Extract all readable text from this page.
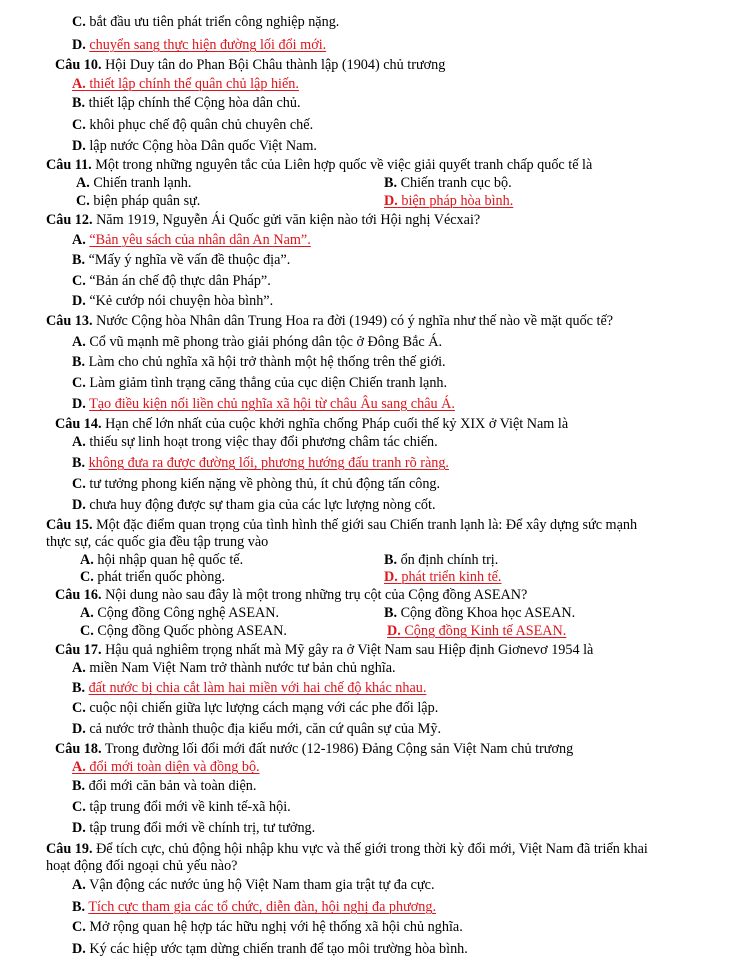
C. bắt đầu ưu tiên phát triển công nghiệp nặng.
D. chuyển sang thực hiện đường lối đổi mới.
Câu 10. Hội Duy tân do Phan Bội Châu thành lập (1904) chủ trương
A. thiết lập chính thể quân chủ lập hiến.
B. thiết lập chính thể Cộng hòa dân chủ.
C. khôi phục chế độ quân chủ chuyên chế.
D. lập nước Cộng hòa Dân quốc Việt Nam.
Câu 11. Một trong những nguyên tắc của Liên hợp quốc về việc giải quyết tranh chấp quốc tế là
A. Chiến tranh lạnh.	B. Chiến tranh cục bộ.
C. biện pháp quân sự.	D. biện pháp hòa bình.
Câu 12. Năm 1919, Nguyễn Ái Quốc gửi văn kiện nào tới Hội nghị Vécxai?
A. “Bản yêu sách của nhân dân An Nam”.
B. “Mấy ý nghĩa về vấn đề thuộc địa”.
C. “Bản án chế độ thực dân Pháp”.
D. “Kẻ cướp nói chuyện hòa bình”.
Câu 13. Nước Cộng hòa Nhân dân Trung Hoa ra đời (1949) có ý nghĩa như thế nào về mặt quốc tế?
A. Cổ vũ mạnh mẽ phong trào giải phóng dân tộc ở Đông Bắc Á.
B. Làm cho chủ nghĩa xã hội trở thành một hệ thống trên thế giới.
C. Làm giảm tình trạng căng thẳng của cục diện Chiến tranh lạnh.
D. Tạo điều kiện nối liền chủ nghĩa xã hội từ châu Âu sang châu Á.
Câu 14. Hạn chế lớn nhất của cuộc khởi nghĩa chống Pháp cuối thế kỷ XIX ở Việt Nam là
A. thiếu sự linh hoạt trong việc thay đổi phương châm tác chiến.
B. không đưa ra được đường lối, phương hướng đấu tranh rõ ràng.
C. tư tưởng phong kiến nặng về phòng thủ, ít chủ động tấn công.
D. chưa huy động được sự tham gia của các lực lượng nòng cốt.
Câu 15. Một đặc điểm quan trọng của tình hình thế giới sau Chiến tranh lạnh là: Để xây dựng sức mạnh
thực sự, các quốc gia đều tập trung vào
A. hội nhập quan hệ quốc tế.	B. ổn định chính trị.
C. phát triển quốc phòng.	D. phát triển kinh tế.
Câu 16. Nội dung nào sau đây là một trong những trụ cột của Cộng đồng ASEAN?
A. Cộng đồng Công nghệ ASEAN.	B. Cộng đồng Khoa học ASEAN.
C. Cộng đồng Quốc phòng ASEAN.	D. Cộng đồng Kinh tế ASEAN.
Câu 17. Hậu quả nghiêm trọng nhất mà Mỹ gây ra ở Việt Nam sau Hiệp định Giơnevơ 1954 là
A. miền Nam Việt Nam trở thành nước tư bản chủ nghĩa.
B. đất nước bị chia cắt làm hai miền với hai chế độ khác nhau.
C. cuộc nội chiến giữa lực lượng cách mạng với các phe đối lập.
D. cả nước trở thành thuộc địa kiểu mới, căn cứ quân sự của Mỹ.
Câu 18. Trong đường lối đổi mới đất nước (12-1986) Đảng Cộng sản Việt Nam chủ trương
A. đổi mới toàn diện và đồng bộ.
B. đổi mới căn bản và toàn diện.
C. tập trung đổi mới về kinh tế-xã hội.
D. tập trung đổi mới về chính trị, tư tưởng.
Câu 19. Để tích cực, chủ động hội nhập khu vực và thế giới trong thời kỳ đổi mới, Việt Nam đã triển khai
hoạt động đối ngoại chủ yếu nào?
A. Vận động các nước ủng hộ Việt Nam tham gia trật tự đa cực.
B. Tích cực tham gia các tổ chức, diễn đàn, hội nghị đa phương.
C. Mở rộng quan hệ hợp tác hữu nghị với hệ thống xã hội chủ nghĩa.
D. Ký các hiệp ước tạm dừng chiến tranh để tạo môi trường hòa bình.
